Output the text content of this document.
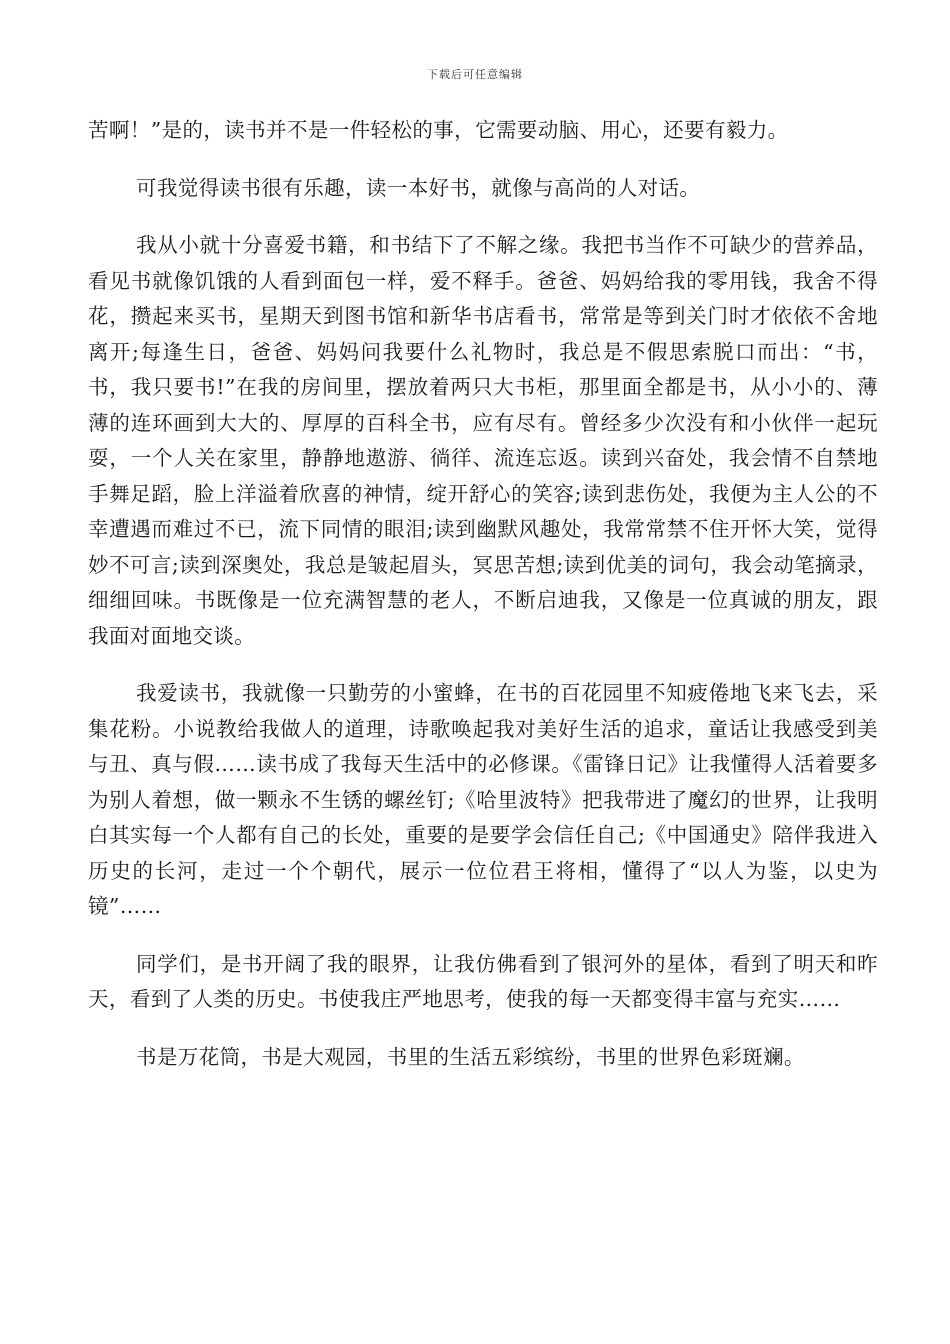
下载后可任意编辑

苦啊！”是的，读书并不是一件轻松的事，它需要动脑、用心，还要有毅力。

可我觉得读书很有乐趣，读一本好书，就像与高尚的人对话。

我从小就十分喜爱书籍，和书结下了不解之缘。我把书当作不可缺少的营养品，看见书就像饥饿的人看到面包一样，爱不释手。爸爸、妈妈给我的零用钱，我舍不得花，攒起来买书，星期天到图书馆和新华书店看书，常常是等到关门时才依依不舍地离开;每逢生日，爸爸、妈妈问我要什么礼物时，我总是不假思索脱口而出：“书，书，我只要书!”在我的房间里，摆放着两只大书柜，那里面全都是书，从小小的、薄薄的连环画到大大的、厚厚的百科全书，应有尽有。曾经多少次没有和小伙伴一起玩耍，一个人关在家里，静静地遨游、徜徉、流连忘返。读到兴奋处，我会情不自禁地手舞足蹈，脸上洋溢着欣喜的神情，绽开舒心的笑容;读到悲伤处，我便为主人公的不幸遭遇而难过不已，流下同情的眼泪;读到幽默风趣处，我常常禁不住开怀大笑，觉得妙不可言;读到深奥处，我总是皱起眉头，冥思苦想;读到优美的词句，我会动笔摘录，细细回味。书既像是一位充满智慧的老人，不断启迪我，又像是一位真诚的朋友，跟我面对面地交谈。

我爱读书，我就像一只勤劳的小蜜蜂，在书的百花园里不知疲倦地飞来飞去，采集花粉。小说教给我做人的道理，诗歌唤起我对美好生活的追求，童话让我感受到美与丑、真与假……读书成了我每天生活中的必修课。《雷锋日记》让我懂得人活着要多为别人着想，做一颗永不生锈的螺丝钉;《哈里波特》把我带进了魔幻的世界，让我明白其实每一个人都有自己的长处，重要的是要学会信任自己;《中国通史》陪伴我进入历史的长河，走过一个个朝代，展示一位位君王将相，懂得了“以人为鉴，以史为镜”……

同学们，是书开阔了我的眼界，让我仿佛看到了银河外的星体，看到了明天和昨天，看到了人类的历史。书使我庄严地思考，使我的每一天都变得丰富与充实……

书是万花筒，书是大观园，书里的生活五彩缤纷，书里的世界色彩斑斓。
